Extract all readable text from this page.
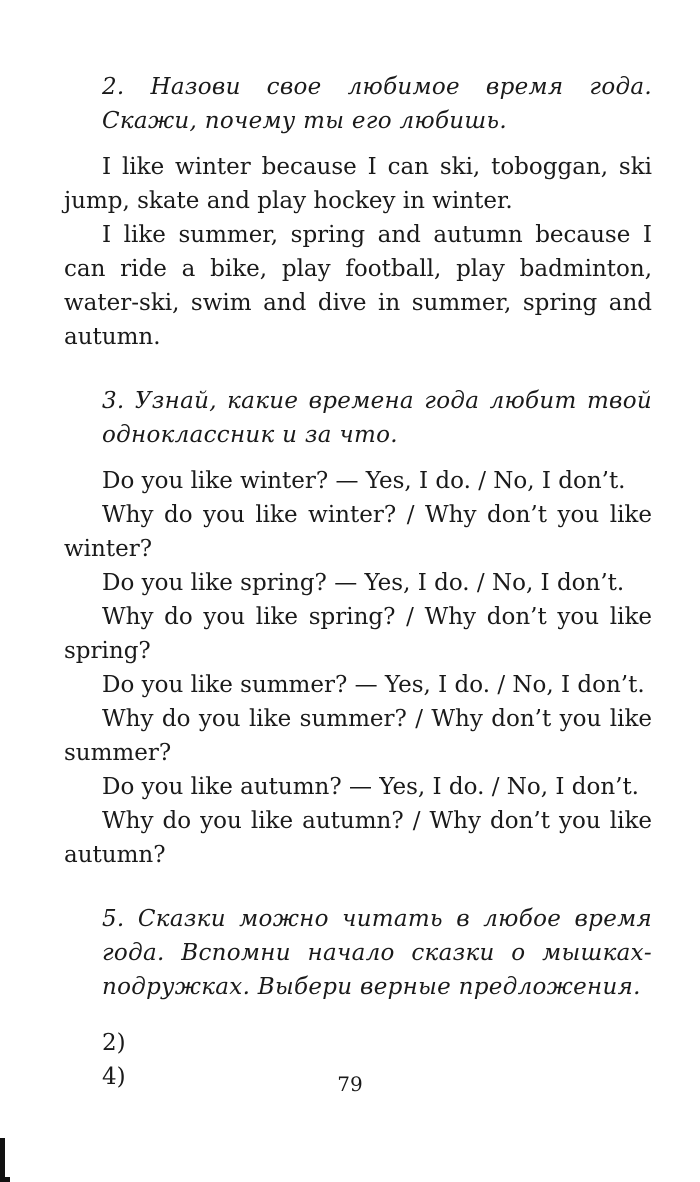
2. Назови свое любимое время года. Скажи, почему ты его любишь.

I like winter because I can ski, toboggan, ski jump, skate and play hockey in winter.

I like summer, spring and autumn because I can ride a bike, play football, play badminton, water-ski, swim and dive in summer, spring and autumn.

3. Узнай, какие времена года любит твой одноклассник и за что.

Do you like winter? — Yes, I do. / No, I don’t.

Why do you like winter? / Why don’t you like winter?

Do you like spring? — Yes, I do. / No, I don’t.

Why do you like spring? / Why don’t you like spring?

Do you like summer? — Yes, I do. / No, I don’t.

Why do you like summer? / Why don’t you like summer?

Do you like autumn? — Yes, I do. / No, I don’t.

Why do you like autumn? / Why don’t you like autumn?

5. Сказки можно читать в любое время года. Вспомни начало сказки о мышках-подружках. Выбери верные предложения.

2)

4)	79
